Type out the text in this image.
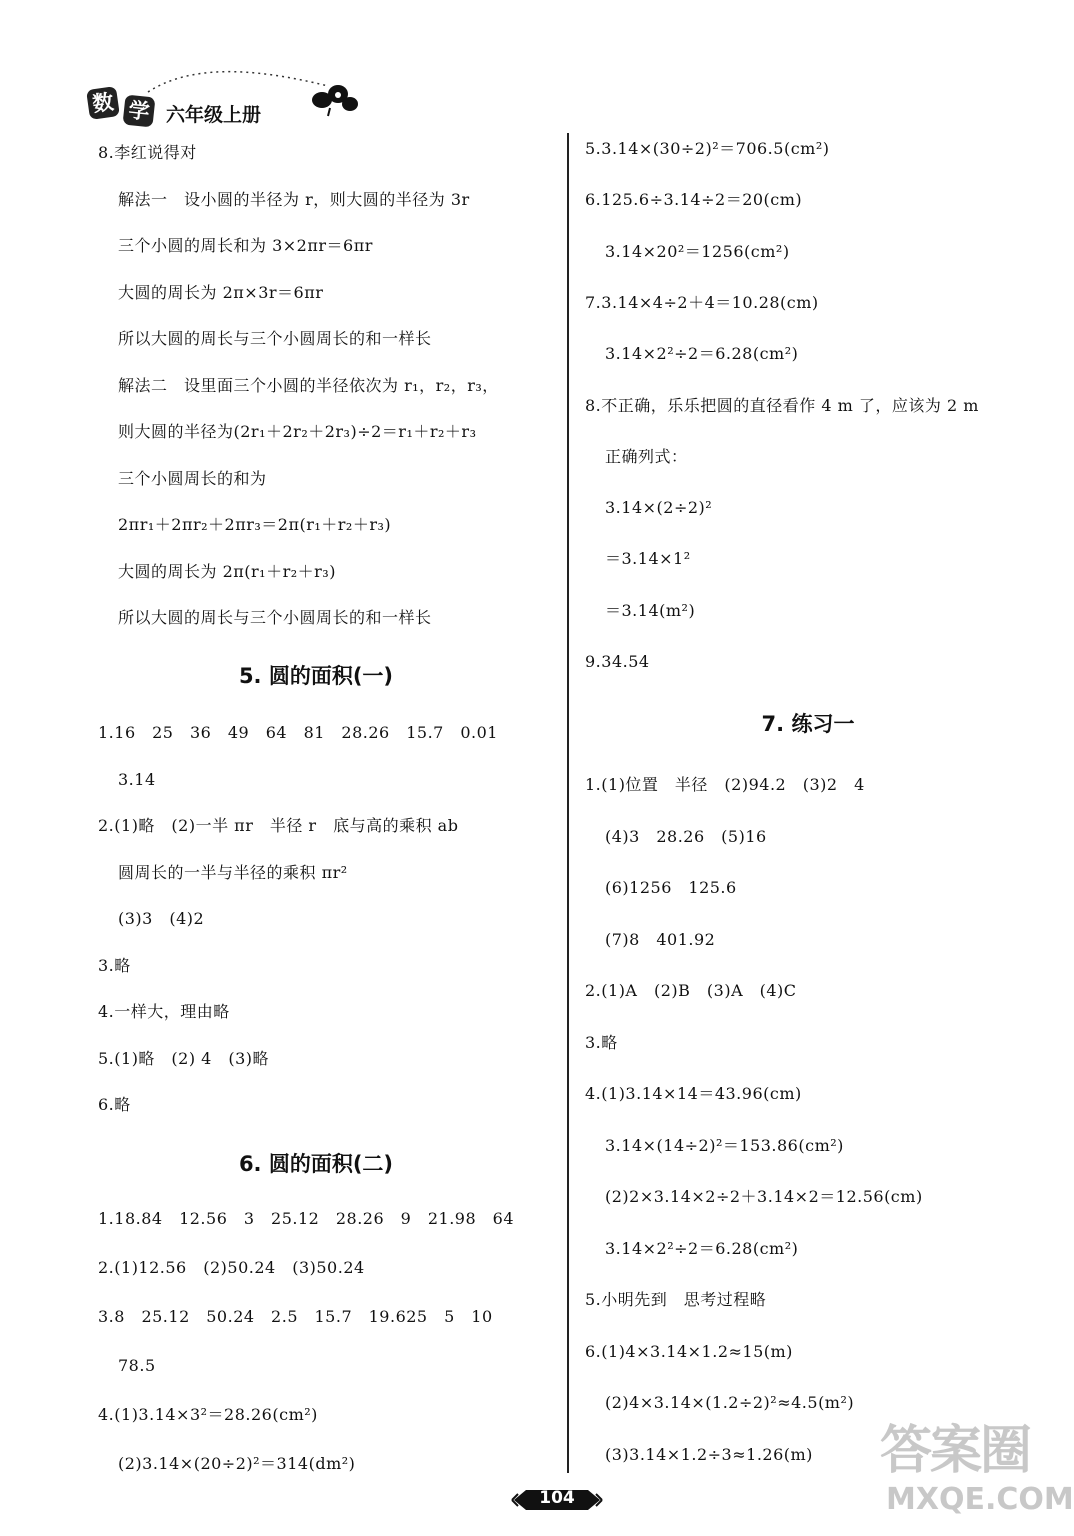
数 学 六年级上册
8.李红说得对
解法一　设小圆的半径为 r，则大圆的半径为 3r
三个小圆的周长和为 3×2πr＝6πr
大圆的周长为 2π×3r＝6πr
所以大圆的周长与三个小圆周长的和一样长
解法二　设里面三个小圆的半径依次为 r₁，r₂，r₃，
则大圆的半径为(2r₁＋2r₂＋2r₃)÷2＝r₁＋r₂＋r₃
三个小圆周长的和为
2πr₁＋2πr₂＋2πr₃＝2π(r₁＋r₂＋r₃)
大圆的周长为 2π(r₁＋r₂＋r₃)
所以大圆的周长与三个小圆周长的和一样长
5. 圆的面积(一)
1.16　25　36　49　64　81　28.26　15.7　0.01
3.14
2.(1)略　(2)一半 πr　半径 r　底与高的乘积 ab
圆周长的一半与半径的乘积 πr²
(3)3　(4)2
3.略
4.一样大，理由略
5.(1)略　(2) 4　(3)略
6.略
6. 圆的面积(二)
1.18.84　12.56　3　25.12　28.26　9　21.98　64
2.(1)12.56　(2)50.24　(3)50.24
3.8　25.12　50.24　2.5　15.7　19.625　5　10
78.5
4.(1)3.14×3²＝28.26(cm²)
(2)3.14×(20÷2)²＝314(dm²)
5.3.14×(30÷2)²＝706.5(cm²)
6.125.6÷3.14÷2＝20(cm)
3.14×20²＝1256(cm²)
7.3.14×4÷2＋4＝10.28(cm)
3.14×2²÷2＝6.28(cm²)
8.不正确，乐乐把圆的直径看作 4 m 了，应该为 2 m
正确列式：
3.14×(2÷2)²
＝3.14×1²
＝3.14(m²)
9.34.54
7. 练习一
1.(1)位置　半径　(2)94.2　(3)2　4
(4)3　28.26　(5)16
(6)1256　125.6
(7)8　401.92
2.(1)A　(2)B　(3)A　(4)C
3.略
4.(1)3.14×14＝43.96(cm)
3.14×(14÷2)²＝153.86(cm²)
(2)2×3.14×2÷2＋3.14×2＝12.56(cm)
3.14×2²÷2＝6.28(cm²)
5.小明先到　思考过程略
6.(1)4×3.14×1.2≈15(m)
(2)4×3.14×(1.2÷2)²≈4.5(m²)
(3)3.14×1.2÷3≈1.26(m)
104
答案圈
MXQE.COM
